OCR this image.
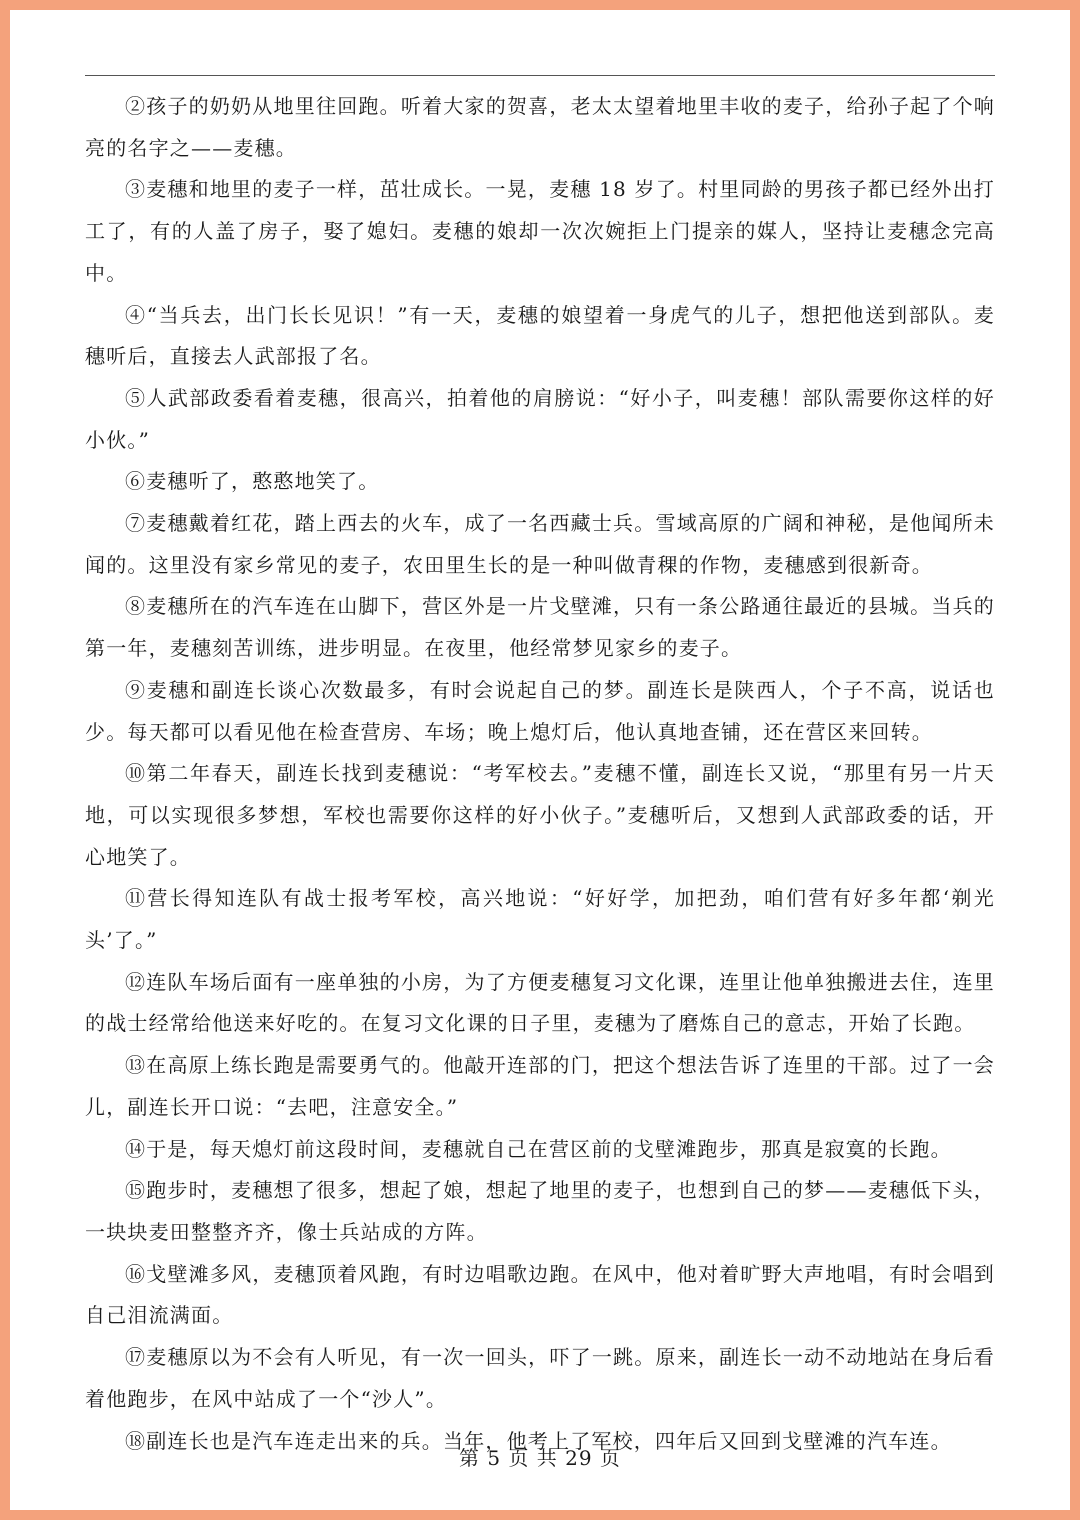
②孩子的奶奶从地里往回跑。听着大家的贺喜，老太太望着地里丰收的麦子，给孙子起了个响亮的名字之——麦穗。

③麦穗和地里的麦子一样，茁壮成长。一晃，麦穗 18 岁了。村里同龄的男孩子都已经外出打工了，有的人盖了房子，娶了媳妇。麦穗的娘却一次次婉拒上门提亲的媒人，坚持让麦穗念完高中。

④“当兵去，出门长长见识！”有一天，麦穗的娘望着一身虎气的儿子，想把他送到部队。麦穗听后，直接去人武部报了名。

⑤人武部政委看着麦穗，很高兴，拍着他的肩膀说：“好小子，叫麦穗！部队需要你这样的好小伙。”

⑥麦穗听了，憨憨地笑了。

⑦麦穗戴着红花，踏上西去的火车，成了一名西藏士兵。雪域高原的广阔和神秘，是他闻所未闻的。这里没有家乡常见的麦子，农田里生长的是一种叫做青稞的作物，麦穗感到很新奇。

⑧麦穗所在的汽车连在山脚下，营区外是一片戈壁滩，只有一条公路通往最近的县城。当兵的第一年，麦穗刻苦训练，进步明显。在夜里，他经常梦见家乡的麦子。

⑨麦穗和副连长谈心次数最多，有时会说起自己的梦。副连长是陕西人，个子不高，说话也少。每天都可以看见他在检查营房、车场；晚上熄灯后，他认真地查铺，还在营区来回转。

⑩第二年春天，副连长找到麦穗说：“考军校去。”麦穗不懂，副连长又说，“那里有另一片天地，可以实现很多梦想，军校也需要你这样的好小伙子。”麦穗听后，又想到人武部政委的话，开心地笑了。

⑪营长得知连队有战士报考军校，高兴地说：“好好学，加把劲，咱们营有好多年都‘剃光头’了。”

⑫连队车场后面有一座单独的小房，为了方便麦穗复习文化课，连里让他单独搬进去住，连里的战士经常给他送来好吃的。在复习文化课的日子里，麦穗为了磨炼自己的意志，开始了长跑。

⑬在高原上练长跑是需要勇气的。他敲开连部的门，把这个想法告诉了连里的干部。过了一会儿，副连长开口说：“去吧，注意安全。”

⑭于是，每天熄灯前这段时间，麦穗就自己在营区前的戈壁滩跑步，那真是寂寞的长跑。

⑮跑步时，麦穗想了很多，想起了娘，想起了地里的麦子，也想到自己的梦——麦穗低下头，一块块麦田整整齐齐，像士兵站成的方阵。

⑯戈壁滩多风，麦穗顶着风跑，有时边唱歌边跑。在风中，他对着旷野大声地唱，有时会唱到自己泪流满面。

⑰麦穗原以为不会有人听见，有一次一回头，吓了一跳。原来，副连长一动不动地站在身后看着他跑步，在风中站成了一个“沙人”。

⑱副连长也是汽车连走出来的兵。当年，他考上了军校，四年后又回到戈壁滩的汽车连。

第 5 页 共 29 页
